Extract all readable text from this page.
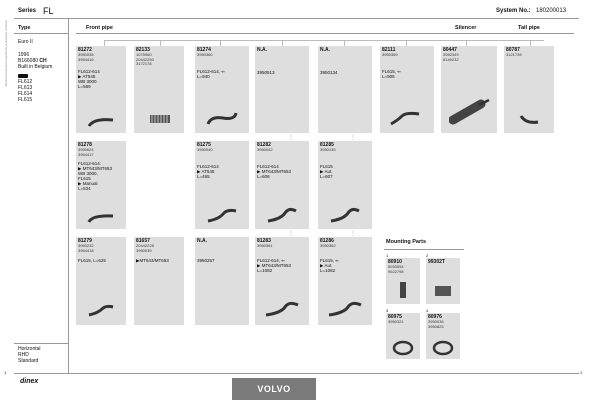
Manufactured and supplied by a licensee of Dinex
Series FL	System No.: 180200013
Type
Euro II
1996
B166080 CH
Built in Belgium
FL612
FL613
FL614
FL615
Horizontal
RHD
Standard
Front pipe	Silencer	Tail pipe
81272
3950038
3954416
FL612-614
▶ AT545
WB 3000
L=569
82133
1075960
20442250
3172178
81274
3950360
FL612-614, ⇐
L=940
N.A.
3950513
N.A.
3950134
82111
3950359
FL615, ⇐
L=906
80447
3952349
8149232
80787
3121739
⋮	⋮
81278
3950624
3954417
FL612-614:
▶ MT643/MT653
WB 3000,
FL615
▶ Manual
L=534
81275
3950040
FL612-614
▶ AT545
L=465
81282
3950042
FL612-614
▶ MT643/MT653
L=606
81285
3950135
FL615
▶ Aut.
L=607
⋮	⋮
81279
3950232
3954418
FL615, L=625
81657
20442228
3950039
▶MT643/MT653
N.A.
3950257
81283
3950361
FL612-614, ⇐
▶ MT643/MT653
L=1082
81286
3950362
FL615, ⇐
▶ Aut.
L=1082
Mounting Parts
1
80910
5033054
9522798
2
99302T
3
80975
3950321
4
80976
3950036
3950825
1	1
dinex
VOLVO
